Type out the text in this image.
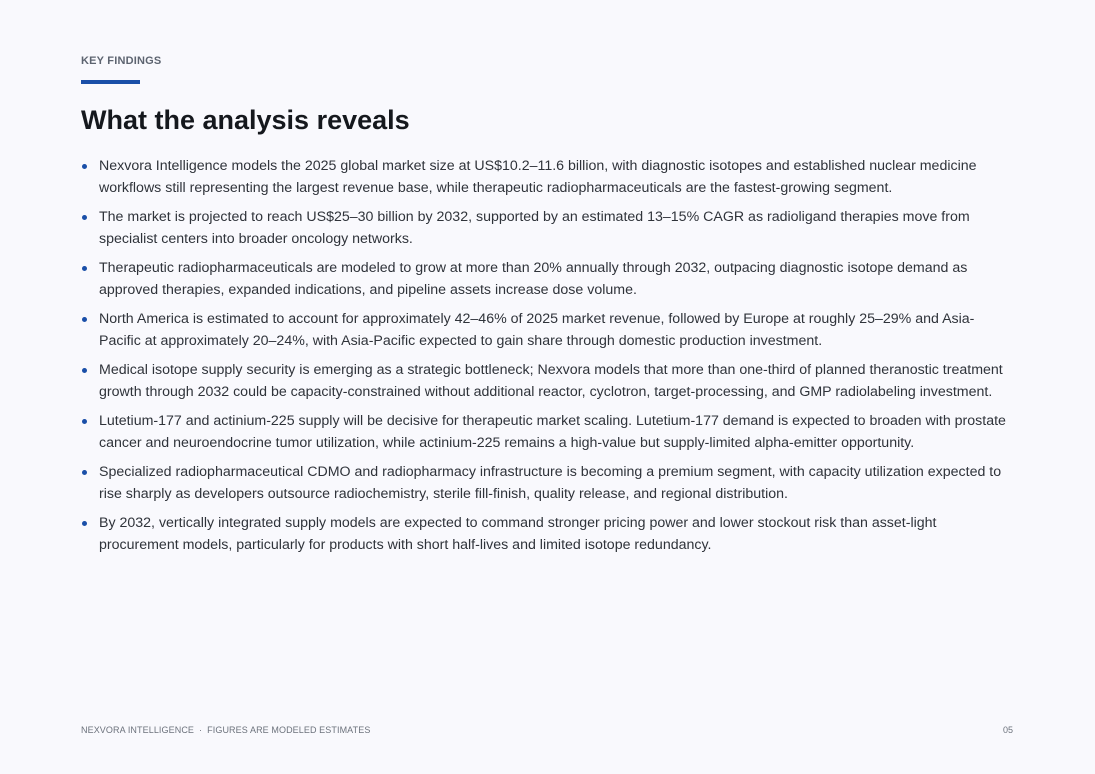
KEY FINDINGS
What the analysis reveals
Nexvora Intelligence models the 2025 global market size at US$10.2–11.6 billion, with diagnostic isotopes and established nuclear medicine workflows still representing the largest revenue base, while therapeutic radiopharmaceuticals are the fastest-growing segment.
The market is projected to reach US$25–30 billion by 2032, supported by an estimated 13–15% CAGR as radioligand therapies move from specialist centers into broader oncology networks.
Therapeutic radiopharmaceuticals are modeled to grow at more than 20% annually through 2032, outpacing diagnostic isotope demand as approved therapies, expanded indications, and pipeline assets increase dose volume.
North America is estimated to account for approximately 42–46% of 2025 market revenue, followed by Europe at roughly 25–29% and Asia-Pacific at approximately 20–24%, with Asia-Pacific expected to gain share through domestic production investment.
Medical isotope supply security is emerging as a strategic bottleneck; Nexvora models that more than one-third of planned theranostic treatment growth through 2032 could be capacity-constrained without additional reactor, cyclotron, target-processing, and GMP radiolabeling investment.
Lutetium-177 and actinium-225 supply will be decisive for therapeutic market scaling. Lutetium-177 demand is expected to broaden with prostate cancer and neuroendocrine tumor utilization, while actinium-225 remains a high-value but supply-limited alpha-emitter opportunity.
Specialized radiopharmaceutical CDMO and radiopharmacy infrastructure is becoming a premium segment, with capacity utilization expected to rise sharply as developers outsource radiochemistry, sterile fill-finish, quality release, and regional distribution.
By 2032, vertically integrated supply models are expected to command stronger pricing power and lower stockout risk than asset-light procurement models, particularly for products with short half-lives and limited isotope redundancy.
NEXVORA INTELLIGENCE · FIGURES ARE MODELED ESTIMATES	05
